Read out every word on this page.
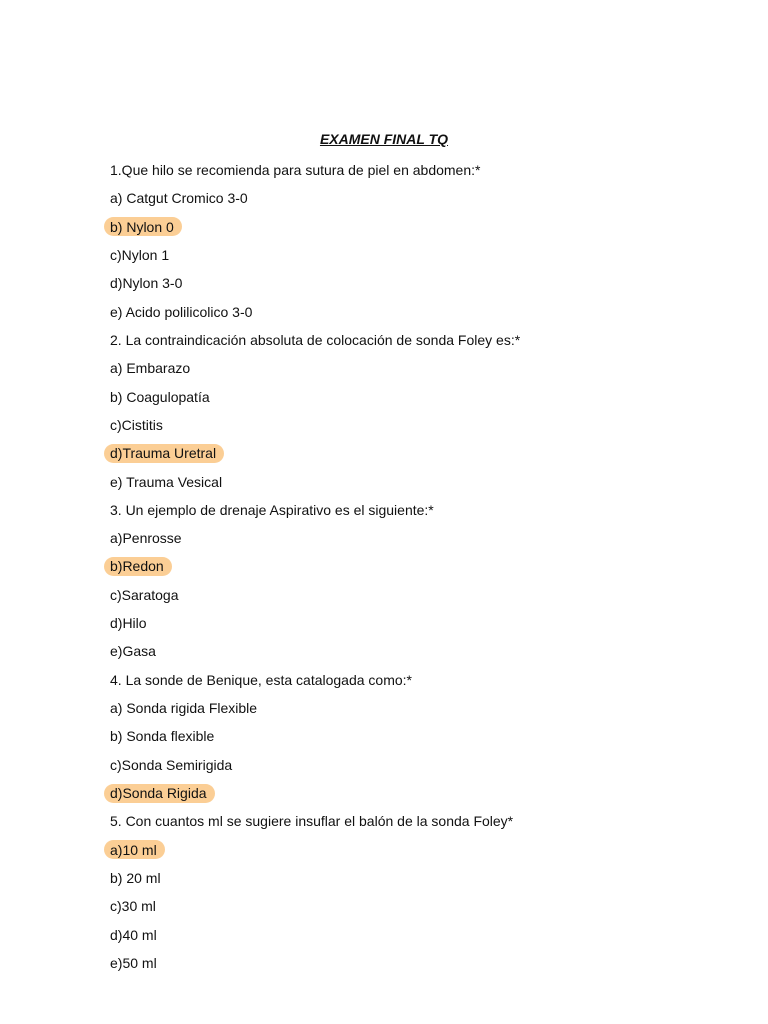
EXAMEN FINAL TQ
1.Que hilo se recomienda para sutura de piel en abdomen:*
a) Catgut Cromico 3-0
b) Nylon 0
c)Nylon 1
d)Nylon 3-0
e) Acido polilicolico 3-0
2. La contraindicación absoluta de colocación de sonda Foley es:*
a) Embarazo
b) Coagulopatía
c)Cistitis
d)Trauma Uretral
e) Trauma Vesical
3. Un ejemplo de drenaje Aspirativo es el siguiente:*
a)Penrosse
b)Redon
c)Saratoga
d)Hilo
e)Gasa
4. La sonde de Benique, esta catalogada como:*
a) Sonda rigida Flexible
b) Sonda flexible
c)Sonda Semirigida
d)Sonda Rigida
5. Con cuantos ml se sugiere insuflar el balón de la sonda Foley*
a)10 ml
b) 20 ml
c)30 ml
d)40 ml
e)50 ml
